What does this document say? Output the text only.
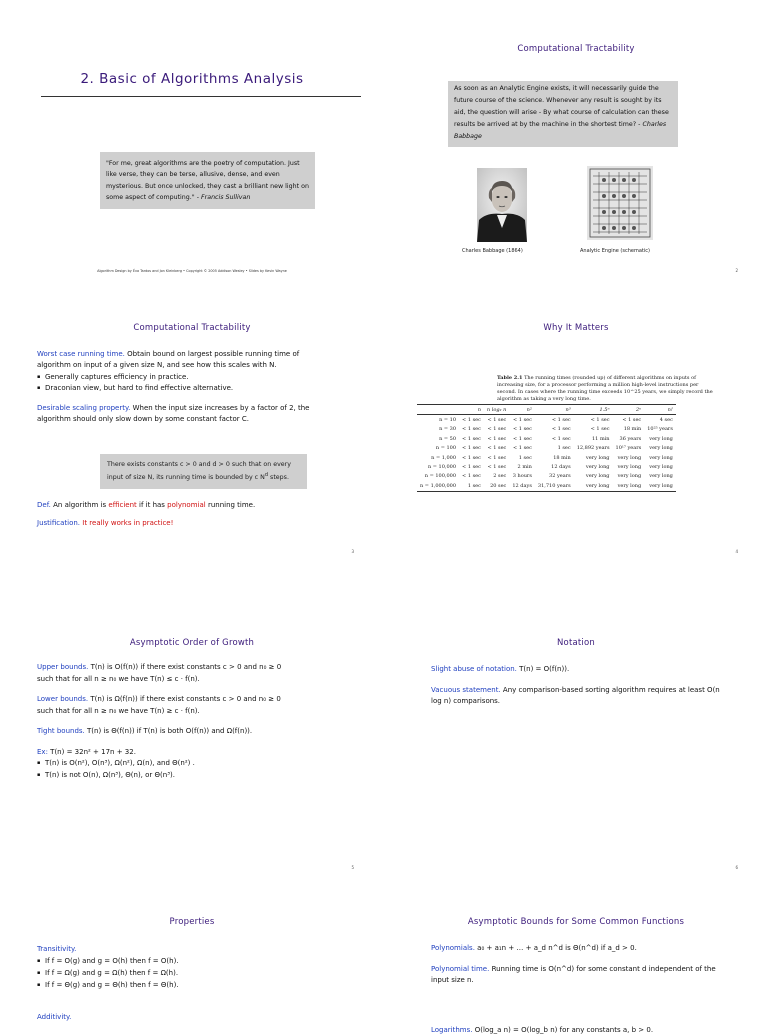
2. Basic of Algorithms Analysis
"For me, great algorithms are the poetry of computation. Just like verse, they can be terse, allusive, dense, and even mysterious. But once unlocked, they cast a brilliant new light on some aspect of computing." - Francis Sullivan
Algorithm Design by Éva Tardos and Jon Kleinberg • Copyright © 2005 Addison Wesley • Slides by Kevin Wayne
Computational Tractability
As soon as an Analytic Engine exists, it will necessarily guide the future course of the science. Whenever any result is sought by its aid, the question will arise - By what course of calculation can these results be arrived at by the machine in the shortest time? - Charles Babbage
Charles Babbage (1864)	Analytic Engine (schematic)
2
Computational Tractability

Worst case running time. Obtain bound on largest possible running time of algorithm on input of a given size N, and see how this scales with N.

▪ Generally captures efficiency in practice.

▪ Draconian view, but hard to find effective alternative.

Desirable scaling property. When the input size increases by a factor of 2, the algorithm should only slow down by some constant factor C.

There exists constants c > 0 and d > 0 such that on every input of size N, its running time is bounded by c $N^d$ steps.

Def. An algorithm is efficient if it has polynomial running time.

Justification. It really works in practice!

3
Why It Matters
Table 2.1 The running times (rounded up) of different algorithms on inputs of increasing size, for a processor performing a million high-level instructions per second. In cases where the running time exceeds 10^25 years, we simply record the algorithm as taking a very long time.
	n	n log₂ n	n²	n³	1.5ⁿ	2ⁿ	n!
n = 10	< 1 sec	< 1 sec	< 1 sec	< 1 sec	< 1 sec	< 1 sec	4 sec
n = 30	< 1 sec	< 1 sec	< 1 sec	< 1 sec	< 1 sec	18 min	10²⁵ years
n = 50	< 1 sec	< 1 sec	< 1 sec	< 1 sec	11 min	36 years	very long
n = 100	< 1 sec	< 1 sec	< 1 sec	1 sec	12,892 years	10¹⁷ years	very long
n = 1,000	< 1 sec	< 1 sec	1 sec	18 min	very long	very long	very long
n = 10,000	< 1 sec	< 1 sec	2 min	12 days	very long	very long	very long
n = 100,000	< 1 sec	2 sec	3 hours	32 years	very long	very long	very long
n = 1,000,000	1 sec	20 sec	12 days	31,710 years	very long	very long	very long
4
Asymptotic Order of Growth

Upper bounds. T(n) is O(f(n)) if there exist constants c > 0 and n₀ ≥ 0

such that for all n ≥ n₀ we have T(n) ≤ c · f(n).

Lower bounds. T(n) is Ω(f(n)) if there exist constants c > 0 and n₀ ≥ 0

such that for all n ≥ n₀ we have T(n) ≥ c · f(n).

Tight bounds. T(n) is Θ(f(n)) if T(n) is both O(f(n)) and Ω(f(n)).

Ex: T(n) = 32n² + 17n + 32.

▪ T(n) is O(n²), O(n³), Ω(n²), Ω(n), and Θ(n²) .

▪ T(n) is not O(n), Ω(n³), Θ(n), or Θ(n³).

5
Notation

Slight abuse of notation. T(n) = O(f(n)).

Vacuous statement. Any comparison-based sorting algorithm requires at least O(n log n) comparisons.

6
Properties

Transitivity.

▪ If f = O(g) and g = O(h) then f = O(h).

▪ If f = Ω(g) and g = Ω(h) then f = Ω(h).

▪ If f = Θ(g) and g = Θ(h) then f = Θ(h).

Additivity.

Asymptotic Bounds for Some Common Functions

Polynomials. a₀ + a₁n + … + a_d n^d is Θ(n^d) if a_d > 0.

Polynomial time. Running time is O(n^d) for some constant d independent of the input size n.

Logarithms. O(log_a n) = O(log_b n) for any constants a, b > 0.
